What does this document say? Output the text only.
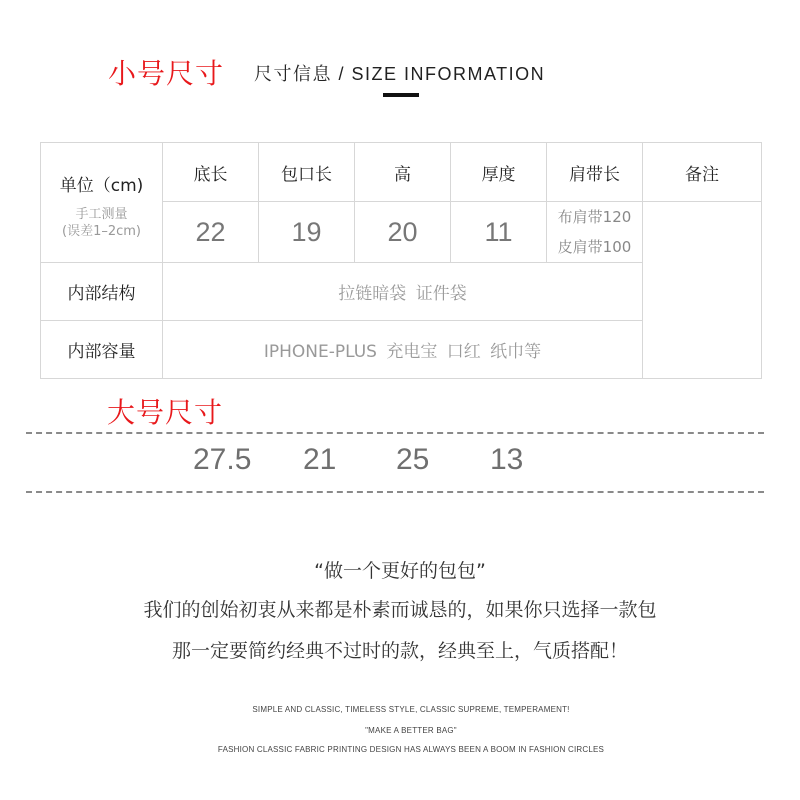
小号尺寸 尺寸信息 / SIZE INFORMATION
单位（cm)
手工测量
(误差1–2cm)	底长	包口长	高	厚度	肩带长	备注
	22	19	20	11	布肩带120
皮肩带100	

内部结构	拉链暗袋 证件袋					
内部容量	IPHONE-PLUS 充电宝 口红 纸巾等					
大号尺寸
27.5 21 25 13
“做一个更好的包包”
我们的创始初衷从来都是朴素而诚恳的，如果你只选择一款包
那一定要简约经典不过时的款，经典至上，气质搭配！
SIMPLE AND CLASSIC, TIMELESS STYLE, CLASSIC SUPREME, TEMPERAMENT!
"MAKE A BETTER BAG"
FASHION CLASSIC FABRIC PRINTING DESIGN HAS ALWAYS BEEN A BOOM IN FASHION CIRCLES
